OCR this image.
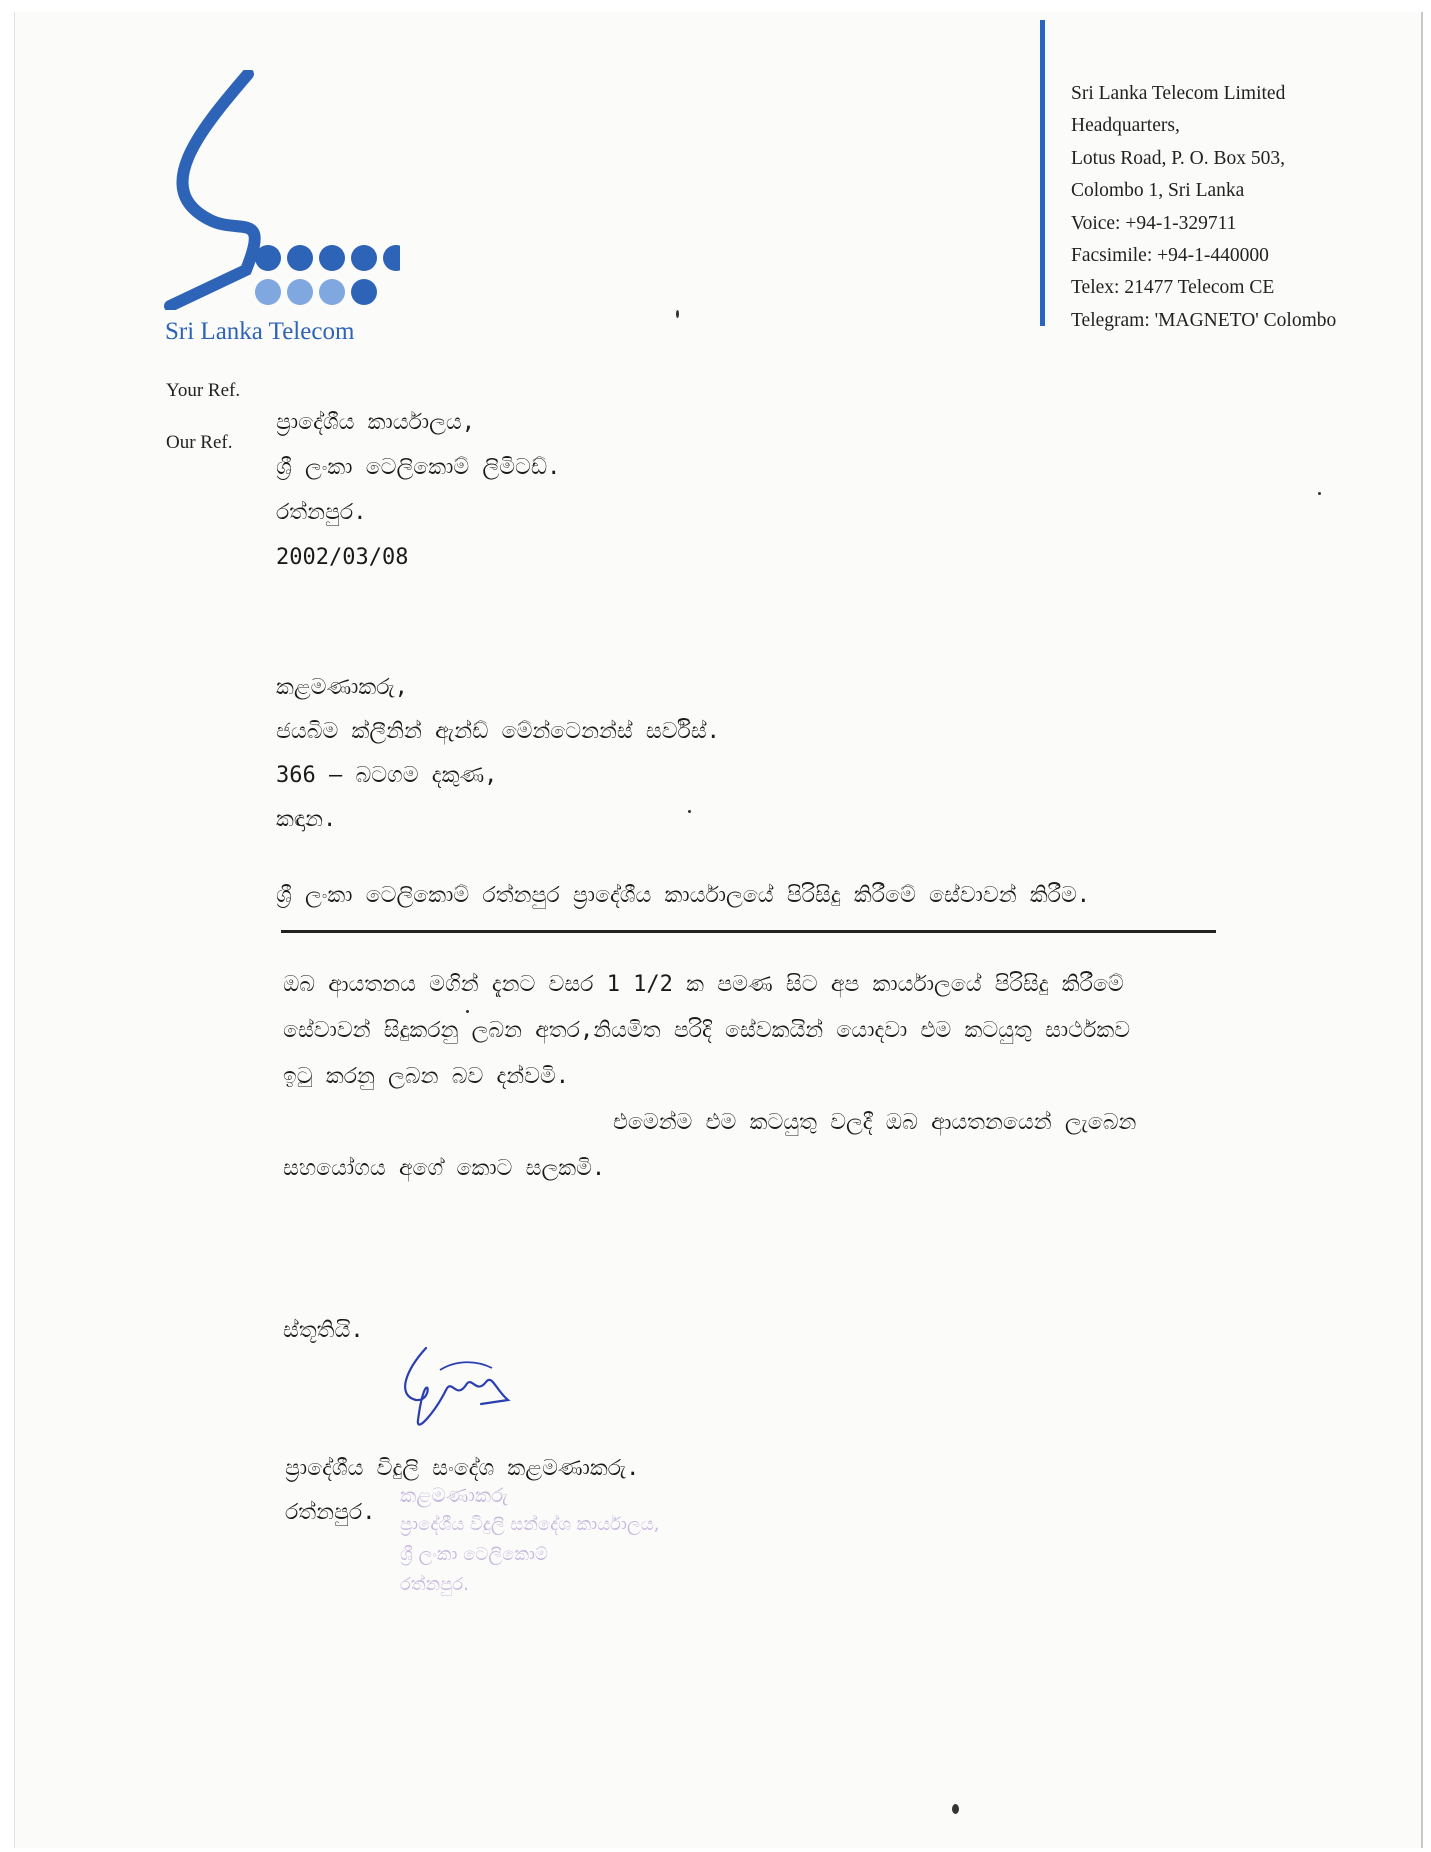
Sri Lanka Telecom
Sri Lanka Telecom Limited
Headquarters,
Lotus Road, P. O. Box 503,
Colombo 1, Sri Lanka
Voice: +94-1-329711
Facsimile: +94-1-440000
Telex: 21477 Telecom CE
Telegram: 'MAGNETO' Colombo
Your Ref.
Our Ref.
ප්‍රාදේශීය කාර්යාලය,
ශ්‍රී ලංකා ටෙලිකොම් ලිමිටඩ්.
රත්නපුර.
2002/03/08
කළමණාකරු,
ජයබිම ක්ලීනින් ඇන්ඩ් මේන්ටෙනන්ස් සර්විස්.
366 – බටගම දකුණ,
කඳාන.
ශ්‍රී ලංකා ටෙලිකොම් රත්නපුර ප්‍රාදේශීය කාර්යාලයේ පිරිසිදු කිරීමේ සේවාවන් කිරීම.
ඔබ ආයතනය මගින් දැනට වසර 1 1/2 ක පමණ සිට අප කාර්යාලයේ පිරිසිදු කිරීමේ
සේවාවන් සිදුකරනු ලබන අතර,නියමිත පරිදි සේවකයින් යොදවා එම කටයුතු සාර්ථකව
ඉටු කරනු ලබන බව දන්වමි.
එමෙන්ම එම කටයුතු වලදී ඔබ ආයතනයෙන් ලැබෙන
සහයෝගය අගේ කොට සලකමි.
ස්තූතියි.
ප්‍රාදේශීය විදුලි සංදේශ කළමණාකරු.
රත්නපුර.
කළමණාකරු
ප්‍රාදේශීය විදුලි සන්දේශ කාර්යාලය,
ශ්‍රී ලංකා ටෙලිකොම්
රත්නපුර.
